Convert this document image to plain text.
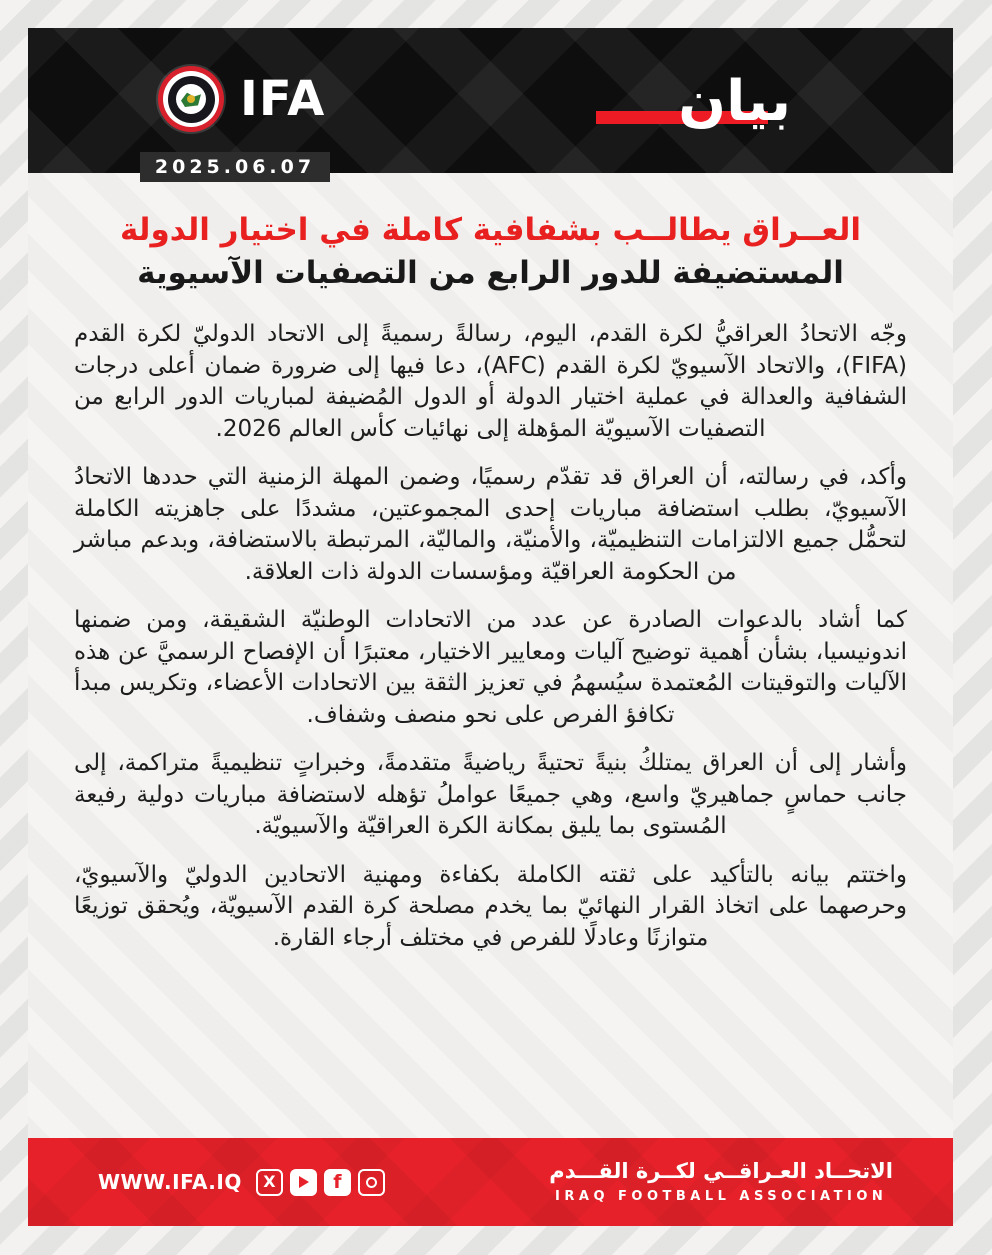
IFA
2025.06.07
بيان
العــراق يطالــب بشفافية كاملة في اختيار الدولة
المستضيفة للدور الرابع من التصفيات الآسيوية

وجّه الاتحادُ العراقيُّ لكرة القدم، اليوم، رسالةً رسميةً إلى الاتحاد الدوليّ لكرة القدم (FIFA)، والاتحاد الآسيويّ لكرة القدم (AFC)، دعا فيها إلى ضرورة ضمان أعلى درجات الشفافية والعدالة في عملية اختيار الدولة أو الدول المُضيفة لمباريات الدور الرابع من التصفيات الآسيويّة المؤهلة إلى نهائيات كأس العالم 2026.

وأكد، في رسالته، أن العراق قد تقدّم رسميًا، وضمن المهلة الزمنية التي حددها الاتحادُ الآسيويّ، بطلب استضافة مباريات إحدى المجموعتين، مشددًا على جاهزيته الكاملة لتحمُّل جميع الالتزامات التنظيميّة، والأمنيّة، والماليّة، المرتبطة بالاستضافة، وبدعم مباشر من الحكومة العراقيّة ومؤسسات الدولة ذات العلاقة.

كما أشاد بالدعوات الصادرة عن عدد من الاتحادات الوطنيّة الشقيقة، ومن ضمنها اندونيسيا، بشأن أهمية توضيح آليات ومعايير الاختيار، معتبرًا أن الإفصاح الرسميَّ عن هذه الآليات والتوقيتات المُعتمدة سيُسهمُ في تعزيز الثقة بين الاتحادات الأعضاء، وتكريس مبدأ تكافؤ الفرص على نحو منصف وشفاف.

وأشار إلى أن العراق يمتلكُ بنيةً تحتيةً رياضيةً متقدمةً، وخبراتٍ تنظيميةً متراكمة، إلى جانب حماسٍ جماهيريّ واسع، وهي جميعًا عواملُ تؤهله لاستضافة مباريات دولية رفيعة المُستوى بما يليق بمكانة الكرة العراقيّة والآسيويّة.

واختتم بيانه بالتأكيد على ثقته الكاملة بكفاءة ومهنية الاتحادين الدوليّ والآسيويّ، وحرصهما على اتخاذ القرار النهائيّ بما يخدم مصلحة كرة القدم الآسيويّة، ويُحقق توزيعًا متوازنًا وعادلًا للفرص في مختلف أرجاء القارة.

WWW.IFA.IQ X	f	الاتحــاد العـراقــي لكــرة القـــدم
IRAQ FOOTBALL ASSOCIATION
